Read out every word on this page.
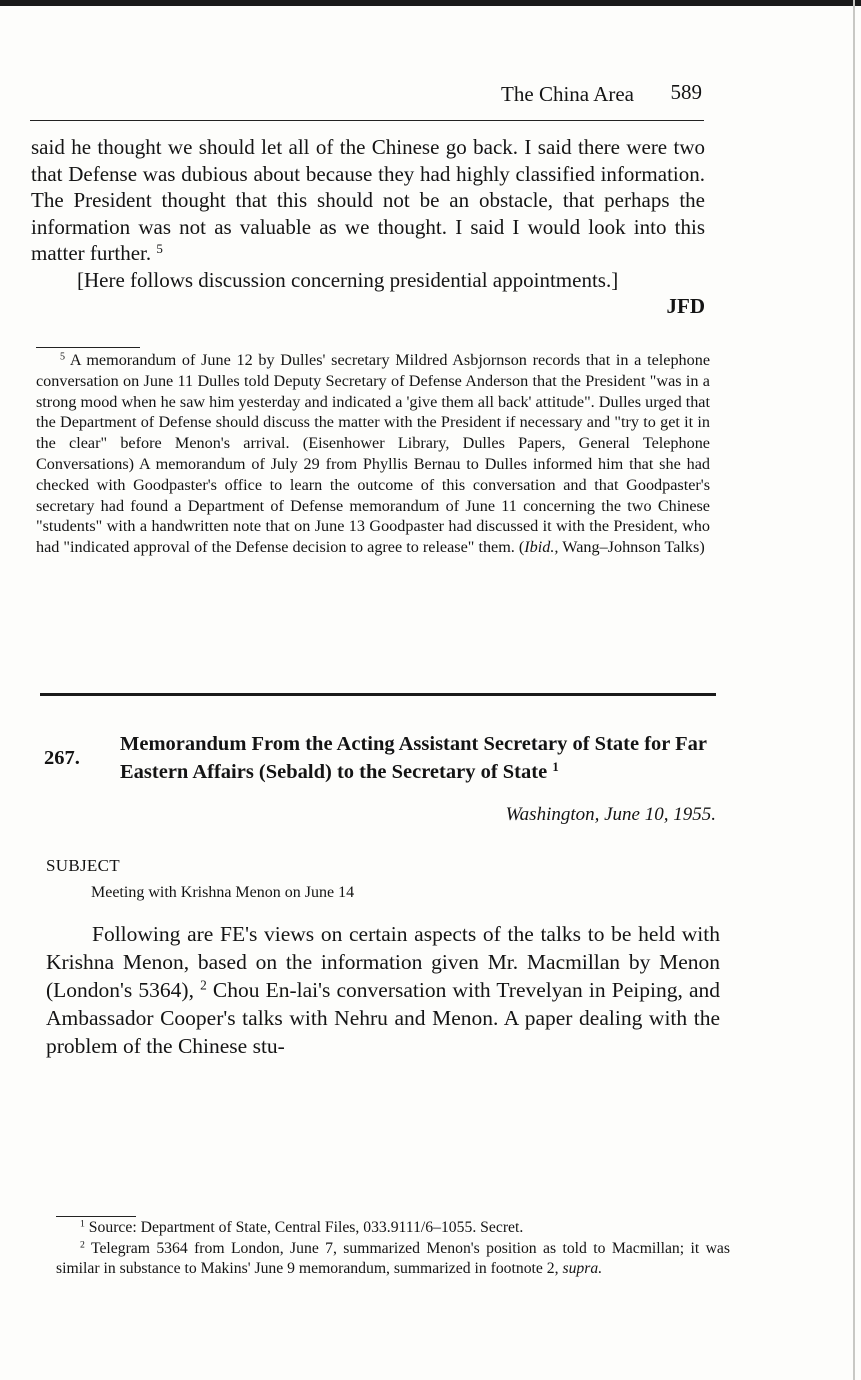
The China Area 589

said he thought we should let all of the Chinese go back. I said there were two that Defense was dubious about because they had highly classified information. The President thought that this should not be an obstacle, that perhaps the information was not as valuable as we thought. I said I would look into this matter further. $^5$

[Here follows discussion concerning presidential appointments.]

JFD

$^5$ A memorandum of June 12 by Dulles' secretary Mildred Asbjornson records that in a telephone conversation on June 11 Dulles told Deputy Secretary of Defense Anderson that the President "was in a strong mood when he saw him yesterday and indicated a 'give them all back' attitude". Dulles urged that the Department of Defense should discuss the matter with the President if necessary and "try to get it in the clear" before Menon's arrival. (Eisenhower Library, Dulles Papers, General Telephone Conversations) A memorandum of July 29 from Phyllis Bernau to Dulles informed him that she had checked with Goodpaster's office to learn the outcome of this conversation and that Goodpaster's secretary had found a Department of Defense memorandum of June 11 concerning the two Chinese "students" with a handwritten note that on June 13 Goodpaster had discussed it with the President, who had "indicated approval of the Defense decision to agree to release" them. (Ibid., Wang–Johnson Talks)

267.
Memorandum From the Acting Assistant Secretary of State for Far Eastern Affairs (Sebald) to the Secretary of State $^1$
Washington, June 10, 1955.
SUBJECT
Meeting with Krishna Menon on June 14

Following are FE's views on certain aspects of the talks to be held with Krishna Menon, based on the information given Mr. Macmillan by Menon (London's 5364), $^2$ Chou En-lai's conversation with Trevelyan in Peiping, and Ambassador Cooper's talks with Nehru and Menon. A paper dealing with the problem of the Chinese stu-

$^1$ Source: Department of State, Central Files, 033.9111/6–1055. Secret.

$^2$ Telegram 5364 from London, June 7, summarized Menon's position as told to Macmillan; it was similar in substance to Makins' June 9 memorandum, summarized in footnote 2, supra.
